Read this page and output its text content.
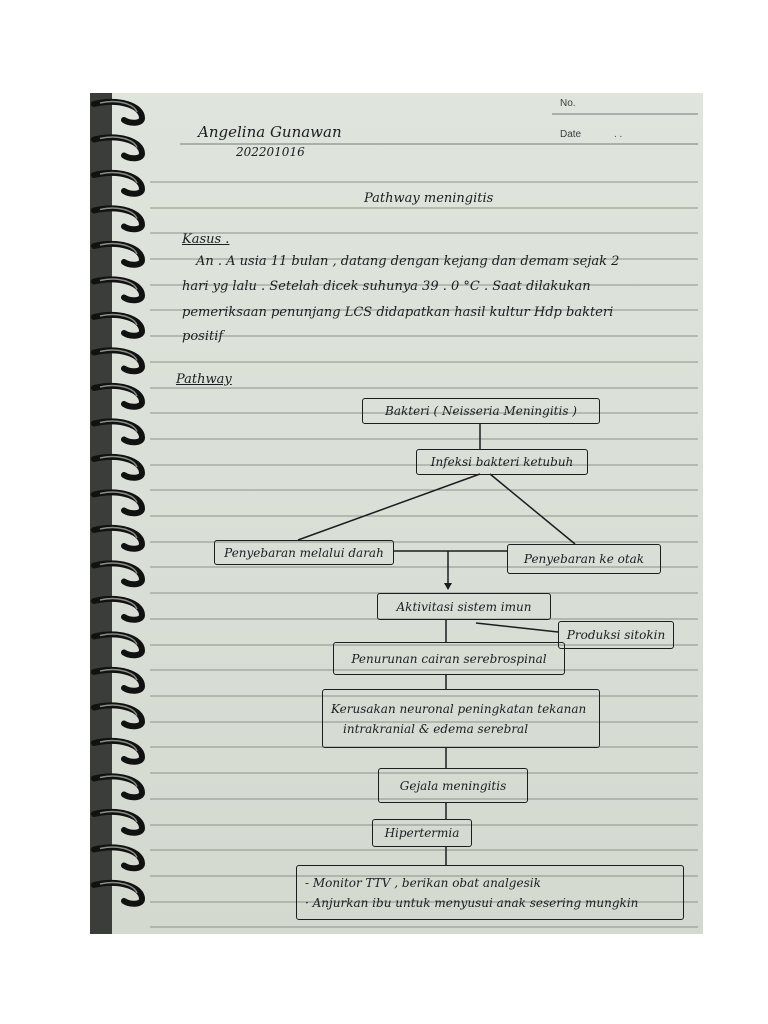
No.
Date	. .
Angelina Gunawan
202201016
Pathway meningitis
Kasus .
An . A usia 11 bulan , datang dengan kejang dan demam sejak 2
hari yg lalu . Setelah dicek suhunya 39 . 0 °C . Saat dilakukan
pemeriksaan penunjang LCS didapatkan hasil kultur Hdp bakteri
positif
Pathway
Bakteri ( Neisseria Meningitis )
Infeksi bakteri ketubuh
Penyebaran melalui darah	Penyebaran ke otak
Aktivitasi sistem imun
Produksi sitokin
Penurunan cairan serebrospinal
Kerusakan neuronal peningkatan tekanan
intrakranial & edema serebral
Gejala meningitis
Hipertermia
- Monitor TTV , berikan obat analgesik
· Anjurkan ibu untuk menyusui anak sesering mungkin
